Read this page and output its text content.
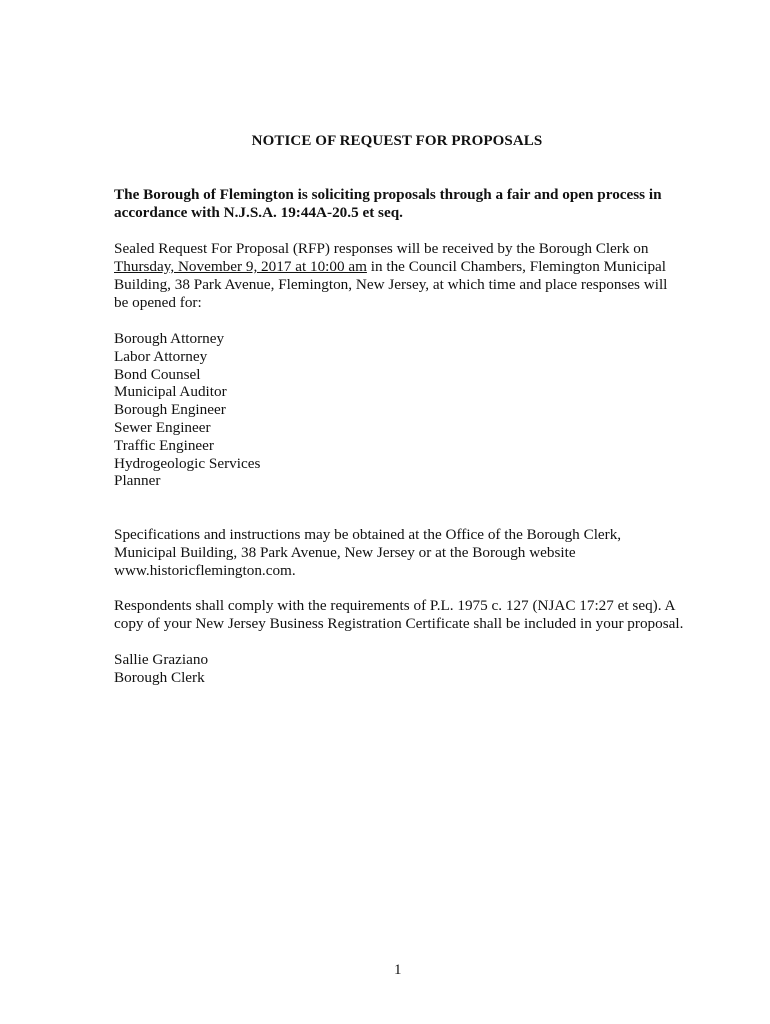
NOTICE OF REQUEST FOR PROPOSALS
The Borough of Flemington is soliciting proposals through a fair and open process in accordance with N.J.S.A. 19:44A-20.5 et seq.
Sealed Request For Proposal (RFP) responses will be received by the Borough Clerk on Thursday, November 9, 2017 at 10:00 am in the Council Chambers, Flemington Municipal Building, 38 Park Avenue, Flemington, New Jersey, at which time and place responses will be opened for:
Borough Attorney
Labor Attorney
Bond Counsel
Municipal Auditor
Borough Engineer
Sewer Engineer
Traffic Engineer
Hydrogeologic Services
Planner
Specifications and instructions may be obtained at the Office of the Borough Clerk, Municipal Building, 38 Park Avenue, New Jersey or at the Borough website www.historicflemington.com.
Respondents shall comply with the requirements of P.L. 1975 c. 127 (NJAC 17:27 et seq). A copy of your New Jersey Business Registration Certificate shall be included in your proposal.
Sallie Graziano
Borough Clerk
1
